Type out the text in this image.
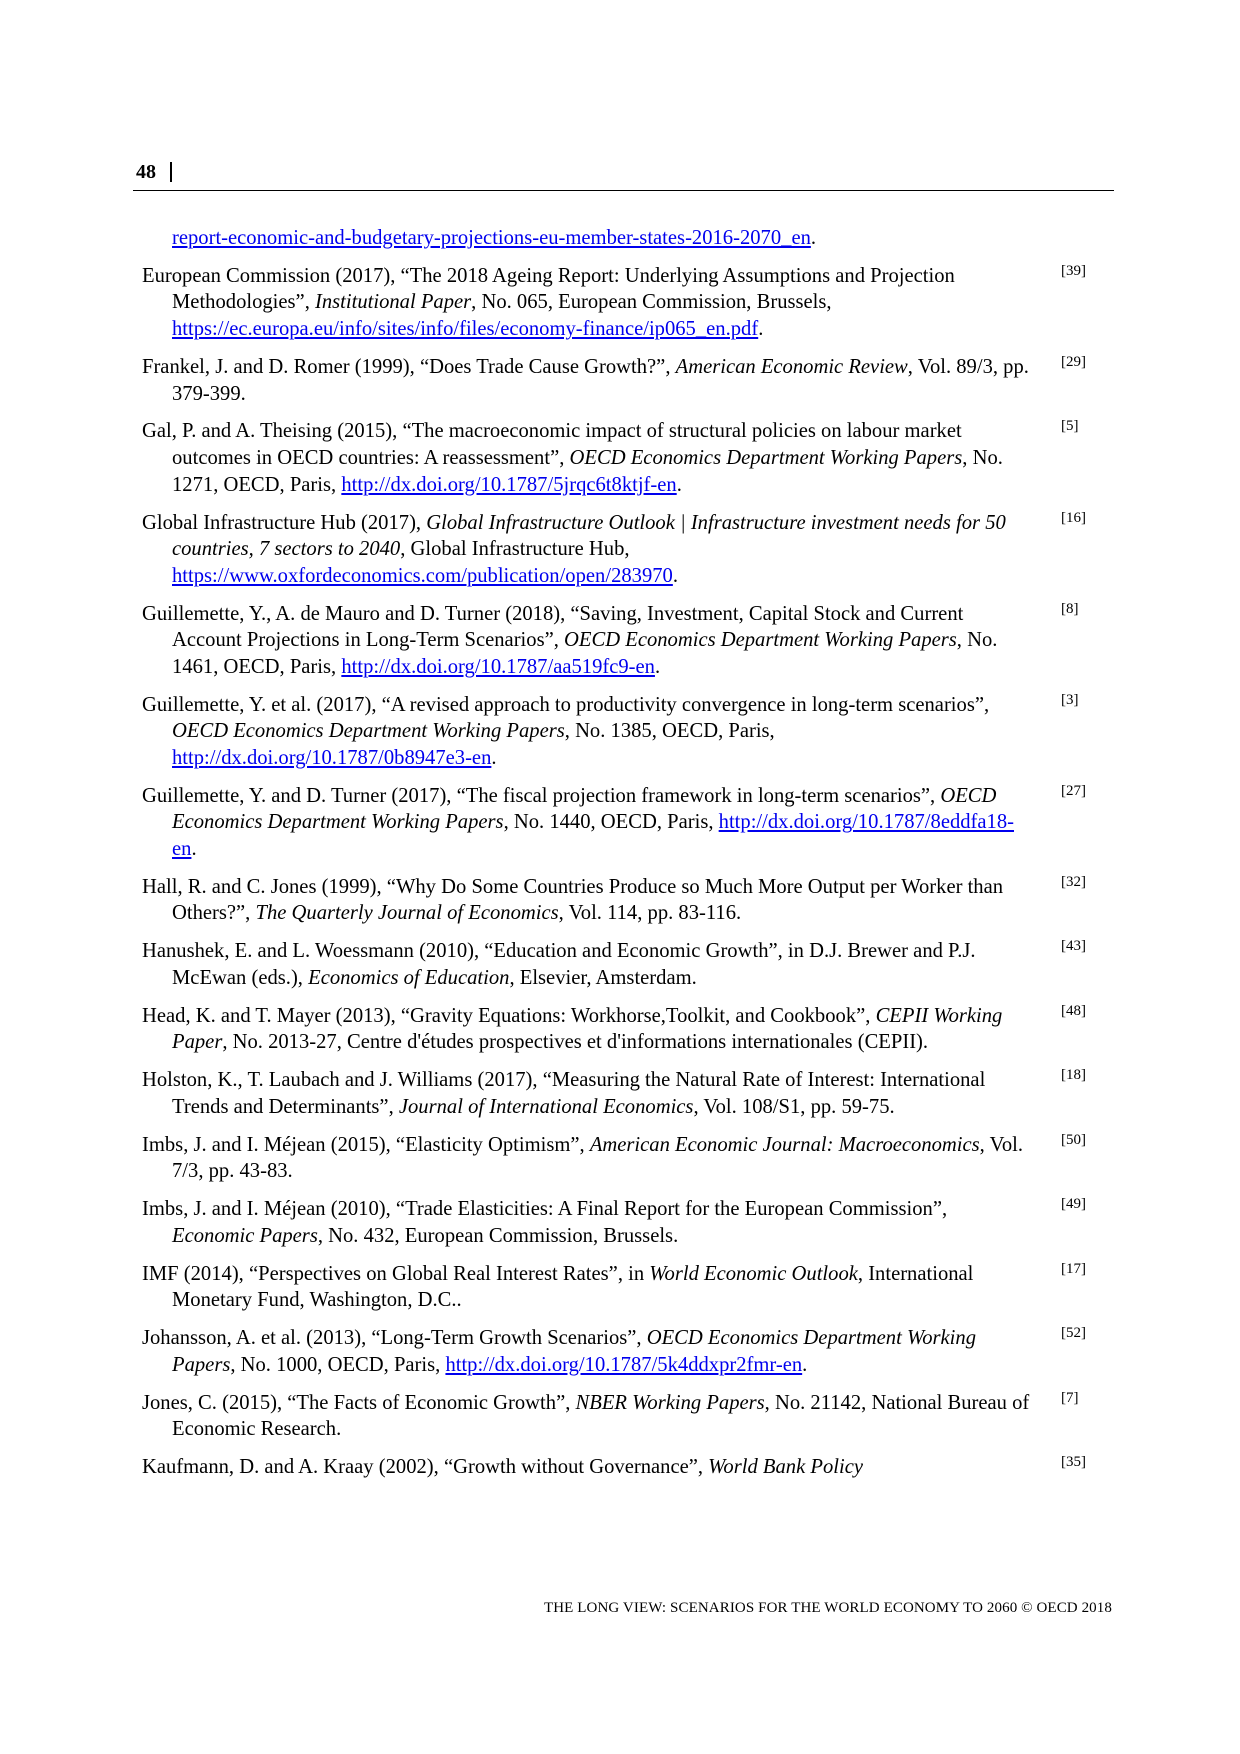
48
report-economic-and-budgetary-projections-eu-member-states-2016-2070_en.
European Commission (2017), “The 2018 Ageing Report: Underlying Assumptions and Projection Methodologies”, Institutional Paper, No. 065, European Commission, Brussels, https://ec.europa.eu/info/sites/info/files/economy-finance/ip065_en.pdf.
[39]
Frankel, J. and D. Romer (1999), “Does Trade Cause Growth?”, American Economic Review, Vol. 89/3, pp. 379-399.
[29]
Gal, P. and A. Theising (2015), “The macroeconomic impact of structural policies on labour market outcomes in OECD countries: A reassessment”, OECD Economics Department Working Papers, No. 1271, OECD, Paris, http://dx.doi.org/10.1787/5jrqc6t8ktjf-en.
[5]
Global Infrastructure Hub (2017), Global Infrastructure Outlook | Infrastructure investment needs for 50 countries, 7 sectors to 2040, Global Infrastructure Hub, https://www.oxfordeconomics.com/publication/open/283970.
[16]
Guillemette, Y., A. de Mauro and D. Turner (2018), “Saving, Investment, Capital Stock and Current Account Projections in Long-Term Scenarios”, OECD Economics Department Working Papers, No. 1461, OECD, Paris, http://dx.doi.org/10.1787/aa519fc9-en.
[8]
Guillemette, Y. et al. (2017), “A revised approach to productivity convergence in long-term scenarios”, OECD Economics Department Working Papers, No. 1385, OECD, Paris, http://dx.doi.org/10.1787/0b8947e3-en.
[3]
Guillemette, Y. and D. Turner (2017), “The fiscal projection framework in long-term scenarios”, OECD Economics Department Working Papers, No. 1440, OECD, Paris, http://dx.doi.org/10.1787/8eddfa18-en.
[27]
Hall, R. and C. Jones (1999), “Why Do Some Countries Produce so Much More Output per Worker than Others?”, The Quarterly Journal of Economics, Vol. 114, pp. 83-116.
[32]
Hanushek, E. and L. Woessmann (2010), “Education and Economic Growth”, in D.J. Brewer and P.J. McEwan (eds.), Economics of Education, Elsevier, Amsterdam.
[43]
Head, K. and T. Mayer (2013), “Gravity Equations: Workhorse,Toolkit, and Cookbook”, CEPII Working Paper, No. 2013-27, Centre d'études prospectives et d'informations internationales (CEPII).
[48]
Holston, K., T. Laubach and J. Williams (2017), “Measuring the Natural Rate of Interest: International Trends and Determinants”, Journal of International Economics, Vol. 108/S1, pp. 59-75.
[18]
Imbs, J. and I. Méjean (2015), “Elasticity Optimism”, American Economic Journal: Macroeconomics, Vol. 7/3, pp. 43-83.
[50]
Imbs, J. and I. Méjean (2010), “Trade Elasticities: A Final Report for the European Commission”, Economic Papers, No. 432, European Commission, Brussels.
[49]
IMF (2014), “Perspectives on Global Real Interest Rates”, in World Economic Outlook, International Monetary Fund, Washington, D.C..
[17]
Johansson, A. et al. (2013), “Long-Term Growth Scenarios”, OECD Economics Department Working Papers, No. 1000, OECD, Paris, http://dx.doi.org/10.1787/5k4ddxpr2fmr-en.
[52]
Jones, C. (2015), “The Facts of Economic Growth”, NBER Working Papers, No. 21142, National Bureau of Economic Research.
[7]
Kaufmann, D. and A. Kraay (2002), “Growth without Governance”, World Bank Policy	[35]
THE LONG VIEW: SCENARIOS FOR THE WORLD ECONOMY TO 2060 © OECD 2018
